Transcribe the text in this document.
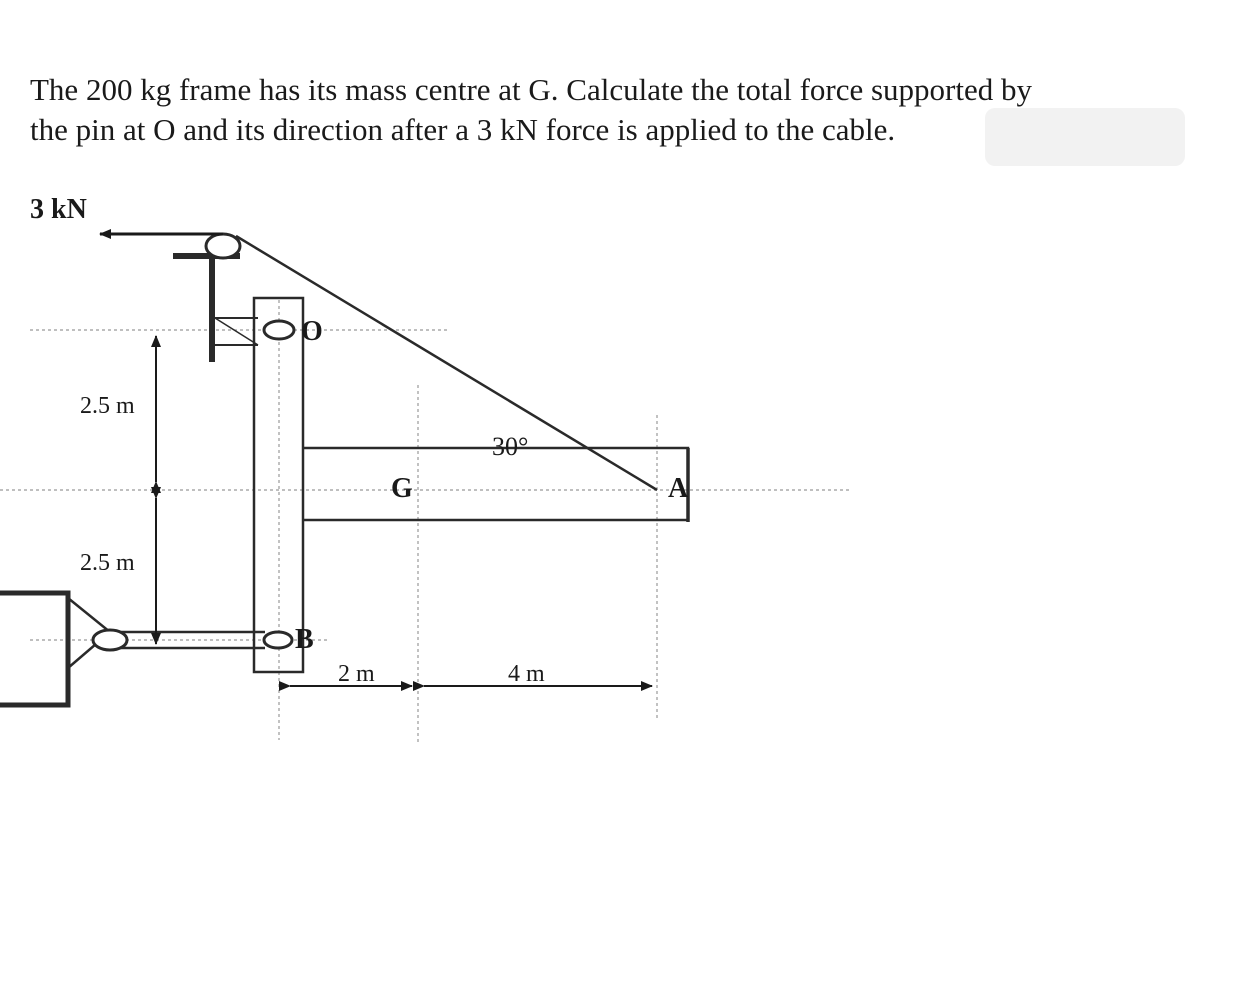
The 200 kg frame has its mass centre at G. Calculate the total force supported by
the pin at O and its direction after a 3 kN force is applied to the cable.

3 kN
O
G	A
B
30°
2.5 m
2.5 m
2 m	4 m
